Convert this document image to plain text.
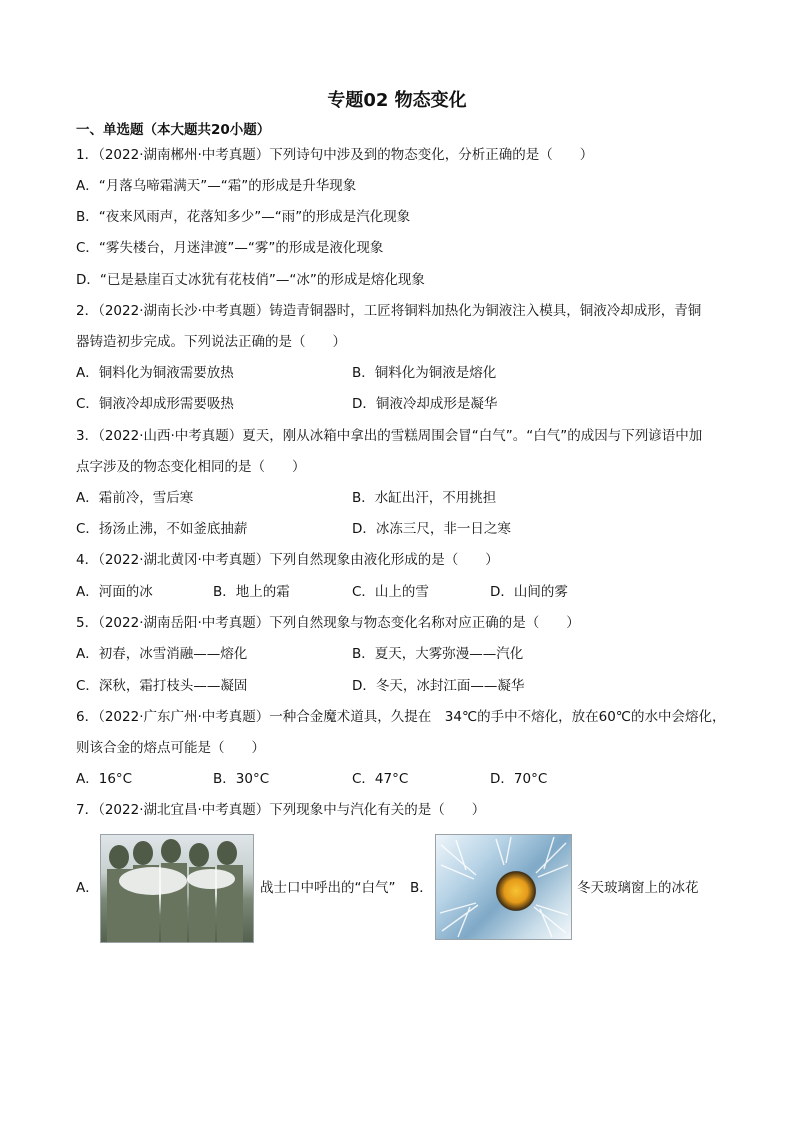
专题02 物态变化
一、单选题（本大题共20小题）
1．（2022·湖南郴州·中考真题）下列诗句中涉及到的物态变化，分析正确的是（　　）
A．“月落乌啼霜满天”—“霜”的形成是升华现象
B．“夜来风雨声，花落知多少”—“雨”的形成是汽化现象
C．“雾失楼台，月迷津渡”—“雾”的形成是液化现象
D．“已是悬崖百丈冰犹有花枝俏”—“冰”的形成是熔化现象
2．（2022·湖南长沙·中考真题）铸造青铜器时，工匠将铜料加热化为铜液注入模具，铜液冷却成形，青铜
器铸造初步完成。下列说法正确的是（　　）
A．铜料化为铜液需要放热	B．铜料化为铜液是熔化
C．铜液冷却成形需要吸热	D．铜液冷却成形是凝华
3．（2022·山西·中考真题）夏天，刚从冰箱中拿出的雪糕周围会冒“白气”。“白气”的成因与下列谚语中加
点字涉及的物态变化相同的是（　　）
A．霜前冷，雪后寒	B．水缸出汗，不用挑担
C．扬汤止沸，不如釜底抽薪	D．冰冻三尺，非一日之寒
4．（2022·湖北黄冈·中考真题）下列自然现象由液化形成的是（　　）
A．河面的冰	B．地上的霜	C．山上的雪	D．山间的雾
5．（2022·湖南岳阳·中考真题）下列自然现象与物态变化名称对应正确的是（　　）
A．初春，冰雪消融——熔化	B．夏天，大雾弥漫——汽化
C．深秋，霜打枝头——凝固	D．冬天，冰封江面——凝华
6．（2022·广东广州·中考真题）一种合金魔术道具，久提在　34℃的手中不熔化，放在60℃的水中会熔化，
则该合金的熔点可能是（　　）
A．16°C	B．30°C	C．47°C	D．70°C
7．（2022·湖北宜昌·中考真题）下列现象中与汽化有关的是（　　）
A．	战士口中呼出的“白气” B．	冬天玻璃窗上的冰花
